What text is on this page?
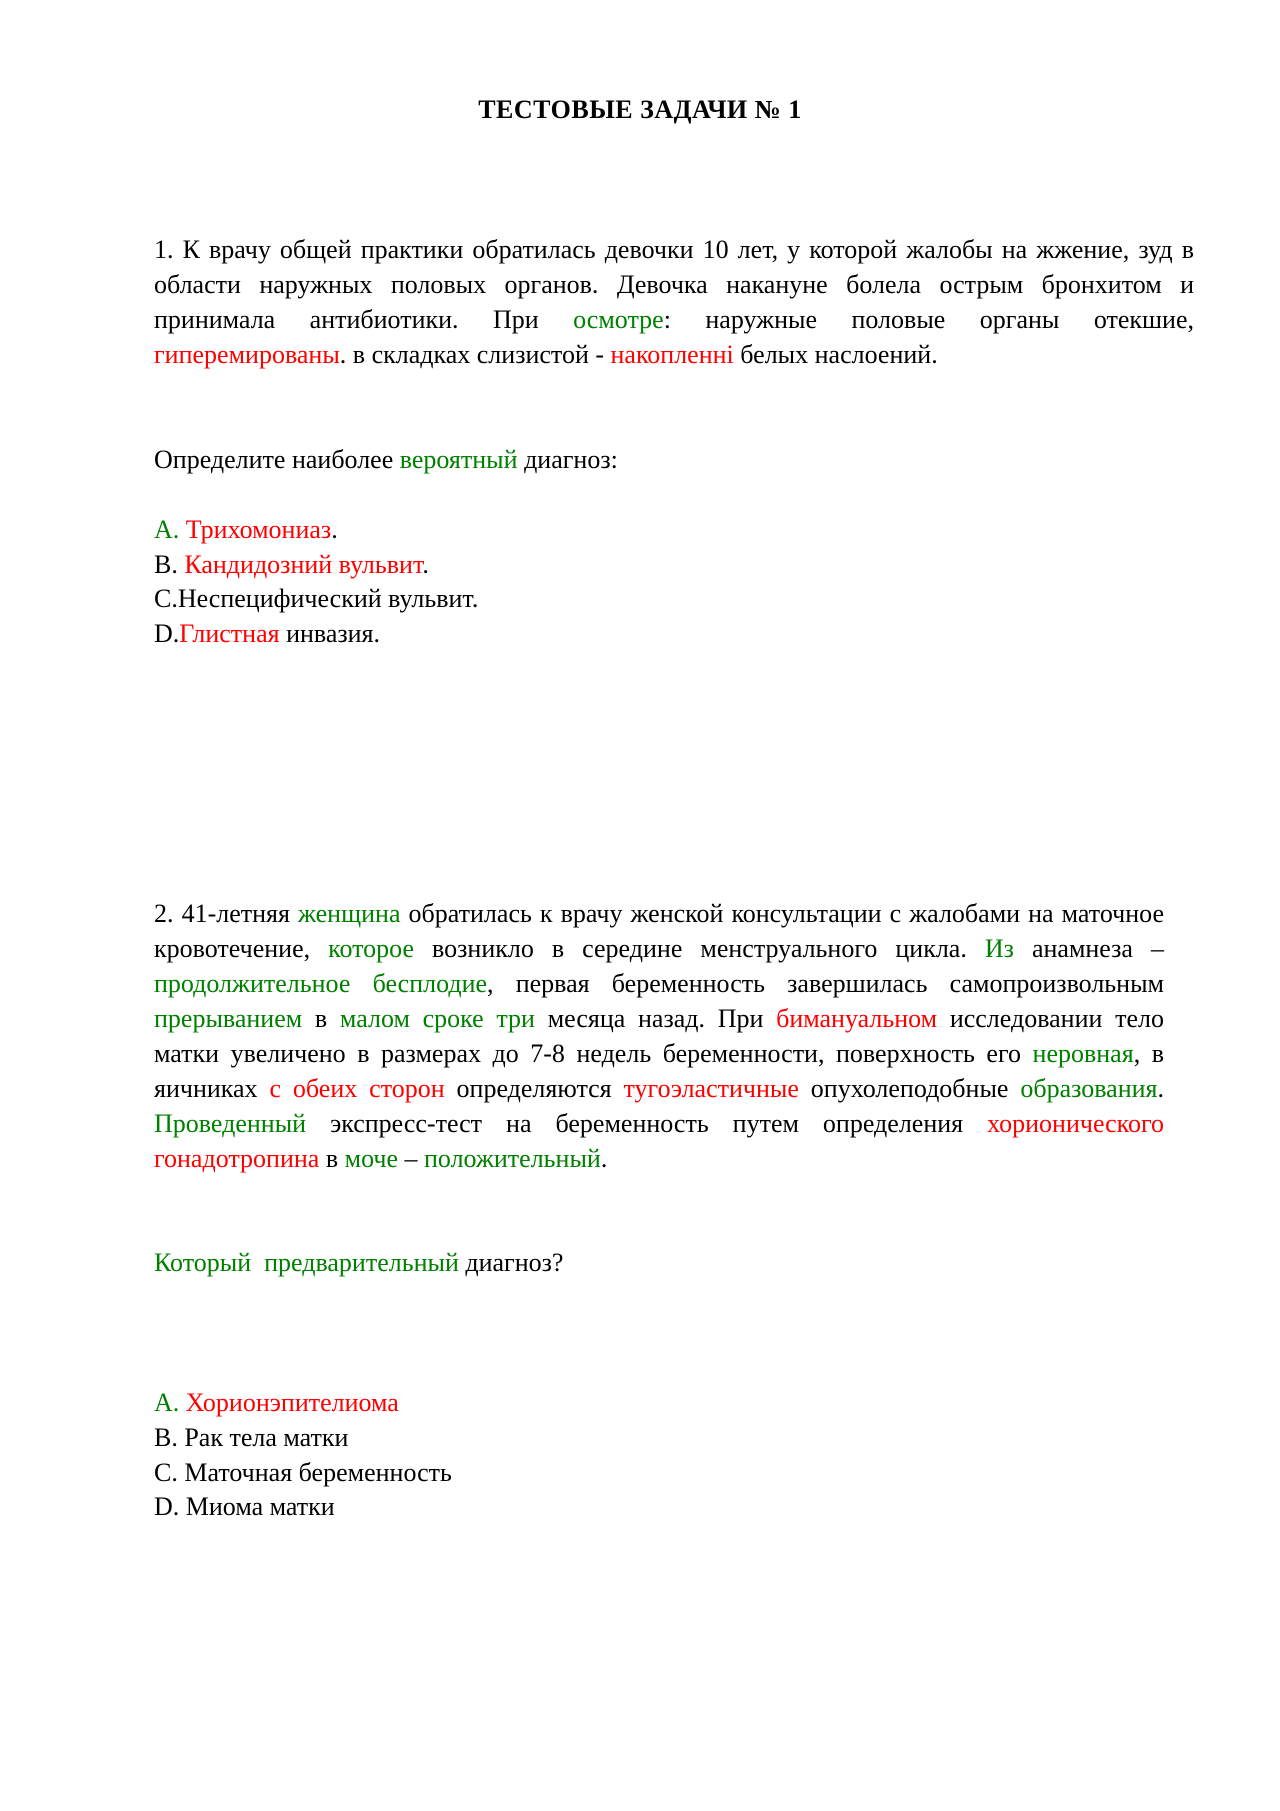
ТЕСТОВЫЕ ЗАДАЧИ № 1
1. К врачу общей практики обратилась девочки 10 лет, у которой жалобы на жжение, зуд в области наружных половых органов. Девочка накануне болела острым бронхитом и принимала антибиотики. При осмотре: наружные половые органы отекшие, гиперемированы. в складках слизистой - накопленні белых наслоений.
Определите наиболее вероятный диагноз:
A. Трихомониаз.
B. Кандидозний вульвит.
C.Неспецифический вульвит.
D.Глистная инвазия.
2. 41-летняя женщина обратилась к врачу женской консультации с жалобами на маточное кровотечение, которое возникло в середине менструального цикла. Из анамнеза – продолжительное бесплодие, первая беременность завершилась самопроизвольным прерыванием в малом сроке три месяца назад. При бимануальном исследовании тело матки увеличено в размерах до 7-8 недель беременности, поверхность его неровная, в яичниках с обеих сторон определяются тугоэластичные опухолеподобные образования. Проведенный экспресс-тест на беременность путем определения хорионического гонадотропина в моче – положительный.
Который  предварительный диагноз?
A. Хорионэпителиома
B. Рак тела матки
C. Маточная беременность
D. Миома матки
